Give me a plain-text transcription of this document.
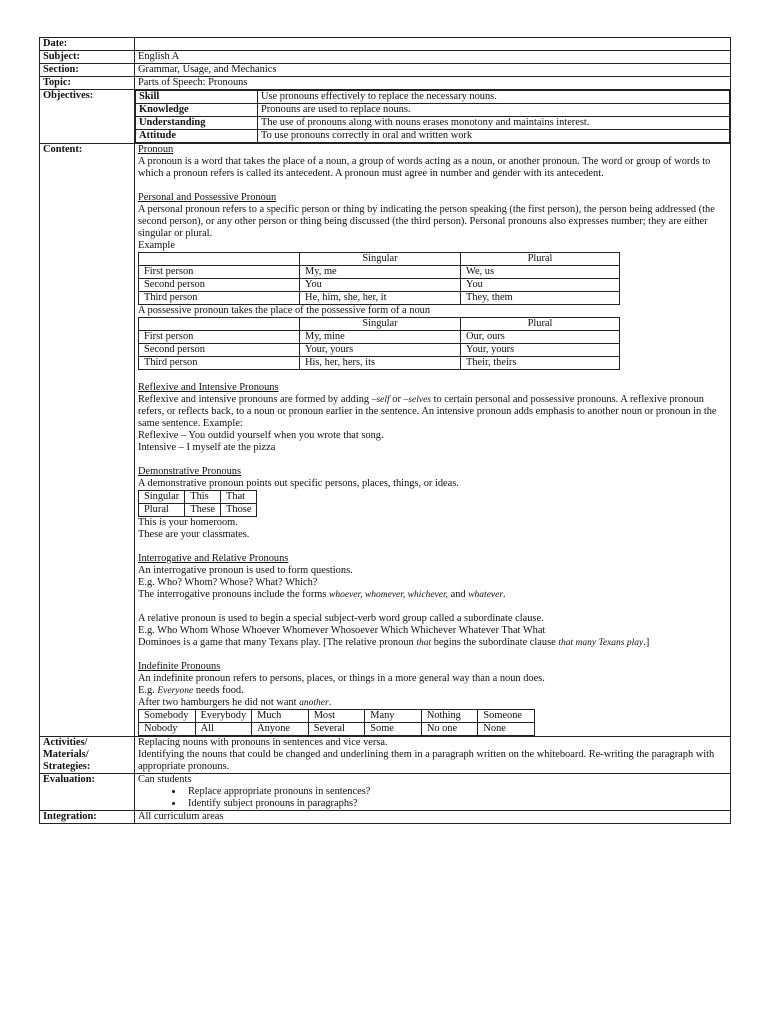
Date:	
Subject:	English A
Section:	Grammar, Usage, and Mechanics
Topic:	Parts of Speech: Pronouns
Objectives:		Skill	Use pronouns effectively to replace the necessary nouns.
Knowledge	Pronouns are used to replace nouns.
Understanding	The use of pronouns along with nouns erases monotony and maintains interest.
Attitude	To use pronouns correctly in oral and written work

Content:	Pronoun

A pronoun is a word that takes the place of a noun, a group of words acting as a noun, or another pronoun. The word or group of words to which a pronoun refers is called its antecedent. A pronoun must agree in number and gender with its antecedent.

Personal and Possessive Pronoun

A personal pronoun refers to a specific person or thing by indicating the person speaking (the first person), the person being addressed (the second person), or any other person or thing being discussed (the third person). Personal pronouns also expresses number; they are either singular or plural.

Example

	Singular	Plural
First person	My, me	We, us
Second person	You	You
Third person	He, him, she, her, it	They, them

A possessive pronoun takes the place of the possessive form of a noun

	Singular	Plural
First person	My, mine	Our, ours
Second person	Your, yours	Your, yours
Third person	His, her, hers, its	Their, theirs

Reflexive and Intensive Pronouns

Reflexive and intensive pronouns are formed by adding –self or –selves to certain personal and possessive pronouns. A reflexive pronoun refers, or reflects back, to a noun or pronoun earlier in the sentence. An intensive pronoun adds emphasis to another noun or pronoun in the same sentence. Example:

Reflexive – You outdid yourself when you wrote that song.

Intensive – I myself ate the pizza

Demonstrative Pronouns

A demonstrative pronoun points out specific persons, places, things, or ideas.

Singular	This	That
Plural	These	Those

This is your homeroom.

These are your classmates.

Interrogative and Relative Pronouns

An interrogative pronoun is used to form questions.

E.g. Who? Whom? Whose? What? Which?

The interrogative pronouns include the forms whoever, whomever, whichever, and whatever.

A relative pronoun is used to begin a special subject-verb word group called a subordinate clause.

E.g. Who Whom Whose Whoever Whomever Whosoever Which Whichever Whatever That What

Dominoes is a game that many Texans play. [The relative pronoun that begins the subordinate clause that many Texans play.]

Indefinite Pronouns

An indefinite pronoun refers to persons, places, or things in a more general way than a noun does.

E.g. Everyone needs food.

After two hamburgers he did not want another.

Somebody	Everybody	Much	Most	Many	Nothing	Someone
Nobody	All	Anyone	Several	Some	No one	None

Activities/
Materials/
Strategies:

Replacing nouns with pronouns in sentences and vice versa.

Identifying the nouns that could be changed and underlining them in a paragraph written on the whiteboard. Re-writing the paragraph with appropriate pronouns.

Evaluation:	Can students

• Replace appropriate pronouns in sentences?
• Identify subject pronouns in paragraphs?

Integration:	All curriculum areas
